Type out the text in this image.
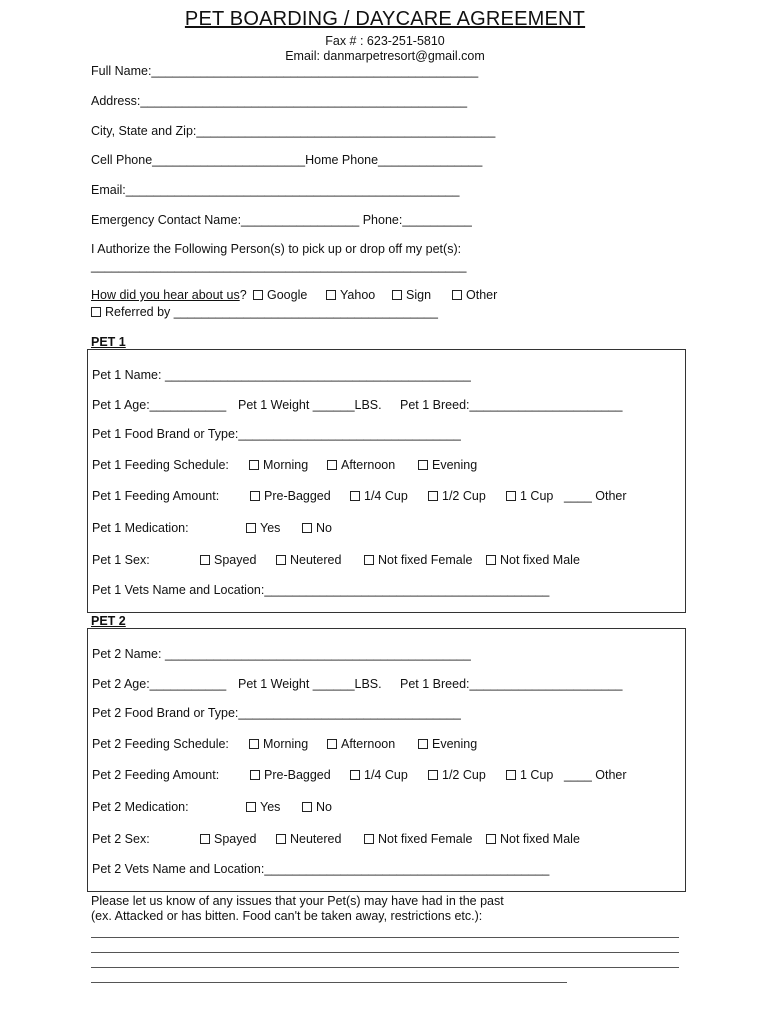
PET BOARDING / DAYCARE AGREEMENT
Fax # : 623-251-5810
Email: danmarpetresort@gmail.com
Full Name:_______________________________________________
Address:_______________________________________________
City, State and Zip:___________________________________________
Cell Phone______________________Home Phone_______________
Email:________________________________________________
Emergency Contact Name:_________________ Phone:__________
I Authorize the Following Person(s) to pick up or drop off my pet(s):
______________________________________________________
How did you hear about us?	Google	Yahoo	Sign	Other
Referred by ______________________________________
PET 1
Pet 1 Name: ____________________________________________
Pet 1 Age:___________ Pet 1 Weight ______LBS. Pet 1 Breed:______________________
Pet 1 Food Brand or Type:________________________________
Pet 1 Feeding Schedule:	Morning	Afternoon	Evening
Pet 1 Feeding Amount:	Pre-Bagged	1/4 Cup	1/2 Cup	1 Cup ____ Other
Pet 1 Medication:	Yes	No
Pet 1 Sex:	Spayed	Neutered	Not fixed Female	Not fixed Male
Pet 1 Vets Name and Location:_________________________________________
PET 2
Pet 2 Name: ____________________________________________
Pet 2 Age:___________ Pet 1 Weight ______LBS. Pet 1 Breed:______________________
Pet 2 Food Brand or Type:________________________________
Pet 2 Feeding Schedule:	Morning	Afternoon	Evening
Pet 2 Feeding Amount:	Pre-Bagged	1/4 Cup	1/2 Cup	1 Cup ____ Other
Pet 2 Medication:	Yes	No
Pet 2 Sex:	Spayed	Neutered	Not fixed Female	Not fixed Male
Pet 2 Vets Name and Location:_________________________________________
Please let us know of any issues that your Pet(s) may have had in the past
(ex. Attacked or has bitten. Food can't be taken away, restrictions etc.):
